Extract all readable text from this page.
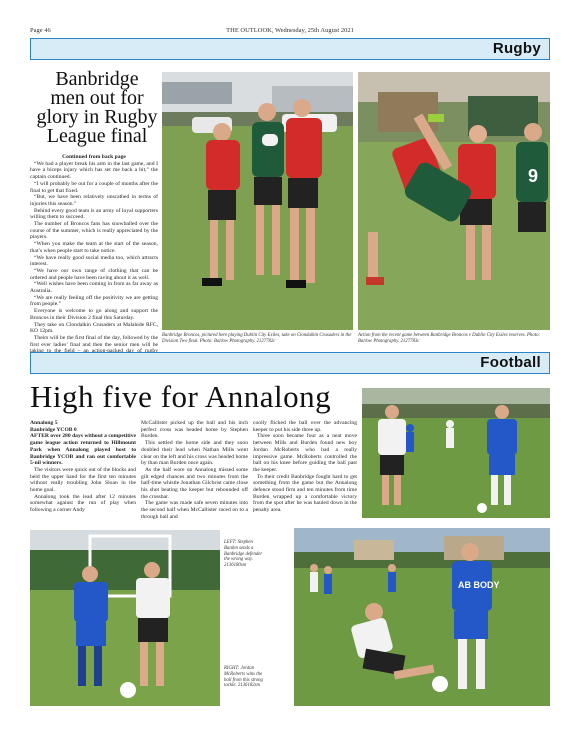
Page 46	THE OUTLOOK, Wednesday, 25th August 2021
Rugby
Banbridge men out for glory in Rugby League final

Continued from back page

“We had a player break his arm in the last game, and I have a biceps injury which has set me back a bit,” the captain continued.

“I will probably be out for a couple of months after the final to get that fixed.

“But, we have been relatively unscathed in terms of injuries this season.”

Behind every good team is an army of loyal supporters willing them to succeed.

The number of Broncos fans has snowballed over the course of the summer, which is really appreciated by the players.

“When you make the team at the start of the season, that’s when people start to take notice.

“We have really good social media too, which attracts interest.

“We have our own range of clothing that can be ordered and people have been raving about it as well.

“Well wishes have been coming in from as far away as Australia.

“We are really feeling off the positivity we are getting from people.”

Everyone is welcome to go along and support the Broncos in their Division 2 final this Saturday.

They take on Clondalkin Crusaders at Malahide RFC, KO 12pm.

Theirs will be the first final of the day, followed by the first ever ladies’ final and then the senior men will be

9
Banbridge Broncos, pictured here playing Dublin City Exiles, take on Clondalkin Crusaders in the Division Two final. Photo: Barlow Photography. 2127782c
Action from the recent game between Banbridge Broncos v Dublin City Exiles reserves. Photo: Barlow Photography. 2127783c
Football
High five for Annalong

Annalong 5

Banbridge YCOB 0

AFTER over 280 days without a competitive game league action returned to Hillmount Park when Annalong played host to Banbridge YCOB and ran out comfortable 5-nil winners.

The visitors were quick out of the blocks and held the upper hand for the first ten minutes without really troubling John Sloan in the home goal.

Annalong took the lead after 12 minutes somewhat against the run of play when following a corner Andy

McCallister picked up the ball and his inch perfect cross was headed home by Stephen Burden.

This settled the home side and they soon doubled their lead when Nathan Mills went clear on the left and his cross was headed home by than man Burden once again.

As the half wore on Annalong missed some gilt edged chances and two minutes from the half-time whistle Jonathan Gilchrist came close his shot beating the keeper but rebounded off the crossbar.

The game was made safe seven minutes into the second half when McCallister raced on to a through ball and

coolly flicked the ball over the advancing keeper to put his side three up.

Three soon became four as a neat move between Mills and Burden found new boy Jordan McRoberts who had a really impressive game. McRoberts controlled the ball on his knee before guiding the ball past the keeper.

To their credit Banbridge fought hard to get something from the game but the Annalong defence stood firm and ten minutes from time Burden wrapped up a comfortable victory from the spot after he was hauled down in the penalty area.

LEFT: Stephen Burden sends a Banbridge defender the wrong way. 2136180sm
RIGHT: Jordan McRoberts wins the ball from this strong tackle. 2136182sm
AB BODY
